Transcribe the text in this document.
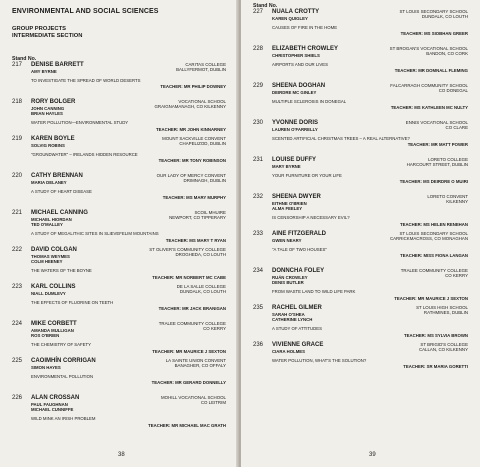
ENVIRONMENTAL AND SOCIAL SCIENCES
GROUP PROJECTS
INTERMEDIATE SECTION
Stand No.
217 DENISE BARRETT
AMY BYRNE
CARITAS COLLEGE
BALLYFERMOT, DUBLIN
TO INVESTIGATE THE SPREAD OF WORLD DESERTS
TEACHER: MR PHILIP DOWNEY
218 RORY BOLGER
JOHN CANNING
BRIAN HAYLES
VOCATIONAL SCHOOL
GRAIGNAMANAGH, CO KILKENNY
WATER POLLUTION—ENVIRONMENTAL STUDY
TEACHER: MR JOHN KINNARNEY
219 KAREN BOYLE
SOLVIG ROBINS
MOUNT SACKVILLE CONVENT
CHAPELIZOD, DUBLIN
"GROUNDWATER" – IRELANDS HIDDEN RESOURCE
TEACHER: MR TONY ROBINSON
220 CATHY BRENNAN
MARIA DELANEY
OUR LADY OF MERCY CONVENT
DRIMNAGH, DUBLIN
A STUDY OF HEART DISEASE
TEACHER: MS MARY MURPHY
221 MICHAEL CANNING
MICHAEL HIORDAN
TED O'MALLEY
SCOIL MHUIRE
NEWPORT, CO TIPPERARY
A STUDY OF MEGALITHIC SITES IN SLIEVEFELIM MOUNTAINS
TEACHER: MS MARY T RYAN
222 DAVID COLGAN
THOMAS WEYMES
COLM HEENEY
ST OLIVER'S COMMUNITY COLLEGE
DROGHEDA, CO LOUTH
THE WATERS OF THE BOYNE
TEACHER: MR NORBERT MC CABE
223 KARL COLLINS
NIALL DUMLEVY
DE LA SALLE COLLEGE
DUNDALK, CO LOUTH
THE EFFECTS OF FLUORINE ON TEETH
TEACHER: MR JACK BRANIGAN
224 MIKE CORBETT
AMANDA MULLIGAN
ROS O'BRIEN
TRALEE COMMUNITY COLLEGE
CO KERRY
THE CHEMISTRY OF SAFETY
TEACHER: MR MAURICE J SEXTON
225 CAOIMHÍN CORRIGAN
SIMON HAYES
LA SAINTE UNION CONVENT
BANAGHER, CO OFFALY
ENVIRONMENTAL POLLUTION
TEACHER: MR GERARD DONNELLY
226 ALAN CROSSAN
PAUL FAUGHNAN
MICHAEL CUNNIFFE
MOHILL VOCATIONAL SCHOOL
CO LEITRIM
WILD MINK AN IRISH PROBLEM
TEACHER: MR MICHAEL MAC GRATH
38
Stand No.
227 NUALA CROTTY
KAREN QUIGLEY
ST LOUIS SECONDARY SCHOOL
DUNDALK, CO LOUTH
CAUSES OF FIRE IN THE HOME
TEACHER: MS SIOBHAN GREER
228 ELIZABETH CROWLEY
CHRISTOPHER SHIELS
ST BROGAN'S VOCATIONAL SCHOOL
BANDON, CO CORK
AIRPORTS AND OUR LIVES
TEACHER: MR DOMNALL FLEMING
229 SHEENA DOGHAN
DEIRDRE MC GINLEY
FALCARRAGH COMMUNITY SCHOOL
CO DONEGAL
MULTIPLE SCLEROSIS IN DONEGAL
TEACHER: MS KATHLEEN MC NULTY
230 YVONNE DORIS
LAUREN O'FARRELLY
ENNIS VOCATIONAL SCHOOL
CO CLARE
SCENTED ARTIFICIAL CHRISTMAS TREES – A REAL ALTERNATIVE?
TEACHER: MR MATT POWER
231 LOUISE DUFFY
MARY BYRNE
LORETO COLLEGE
HARCOURT STREET, DUBLIN
YOUR FURNITURE OR YOUR LIFE
TEACHER: MS DEIRDRE O MUIRI
232 SHEENA DWYER
EITHNE O'BRIEN
ALMA FEELEY
LORETO CONVENT
KILKENNY
IS CENSORSHIP A NECESSARY EVIL?
TEACHER: MS HELEN RENEHAN
233 AINE FITZGERALD
GWEN NEARY
ST LOUIS SECONDARY SCHOOL
CARRICKMACROSS, CO MONAGHAN
"A TALE OF TWO HOUSES"
TEACHER: MISS FIONA LANGAN
234 DONNCHA FOLEY
RUÁN CROWLEY
DENIS BUTLER
TRALEE COMMUNITY COLLEGE
CO KERRY
FROM WASTE LAND TO WILD LIFE PARK
TEACHER: MR MAURICE J SEXTON
235 RACHEL GILMER
SARAH O'SHEA
CATHERINE LYNCH
ST LOUIS HIGH SCHOOL
RATHMINES, DUBLIN
A STUDY OF ATTITUDES
TEACHER: MS SYLVIA BROWN
236 VIVIENNE GRACE
CIARA HOLMES
ST BRIGID'S COLLEGE
CALLAN, CO KILKENNY
WATER POLLUTION, WHAT'S THE SOLUTION?
TEACHER: SR MARIA GORETTI
39
